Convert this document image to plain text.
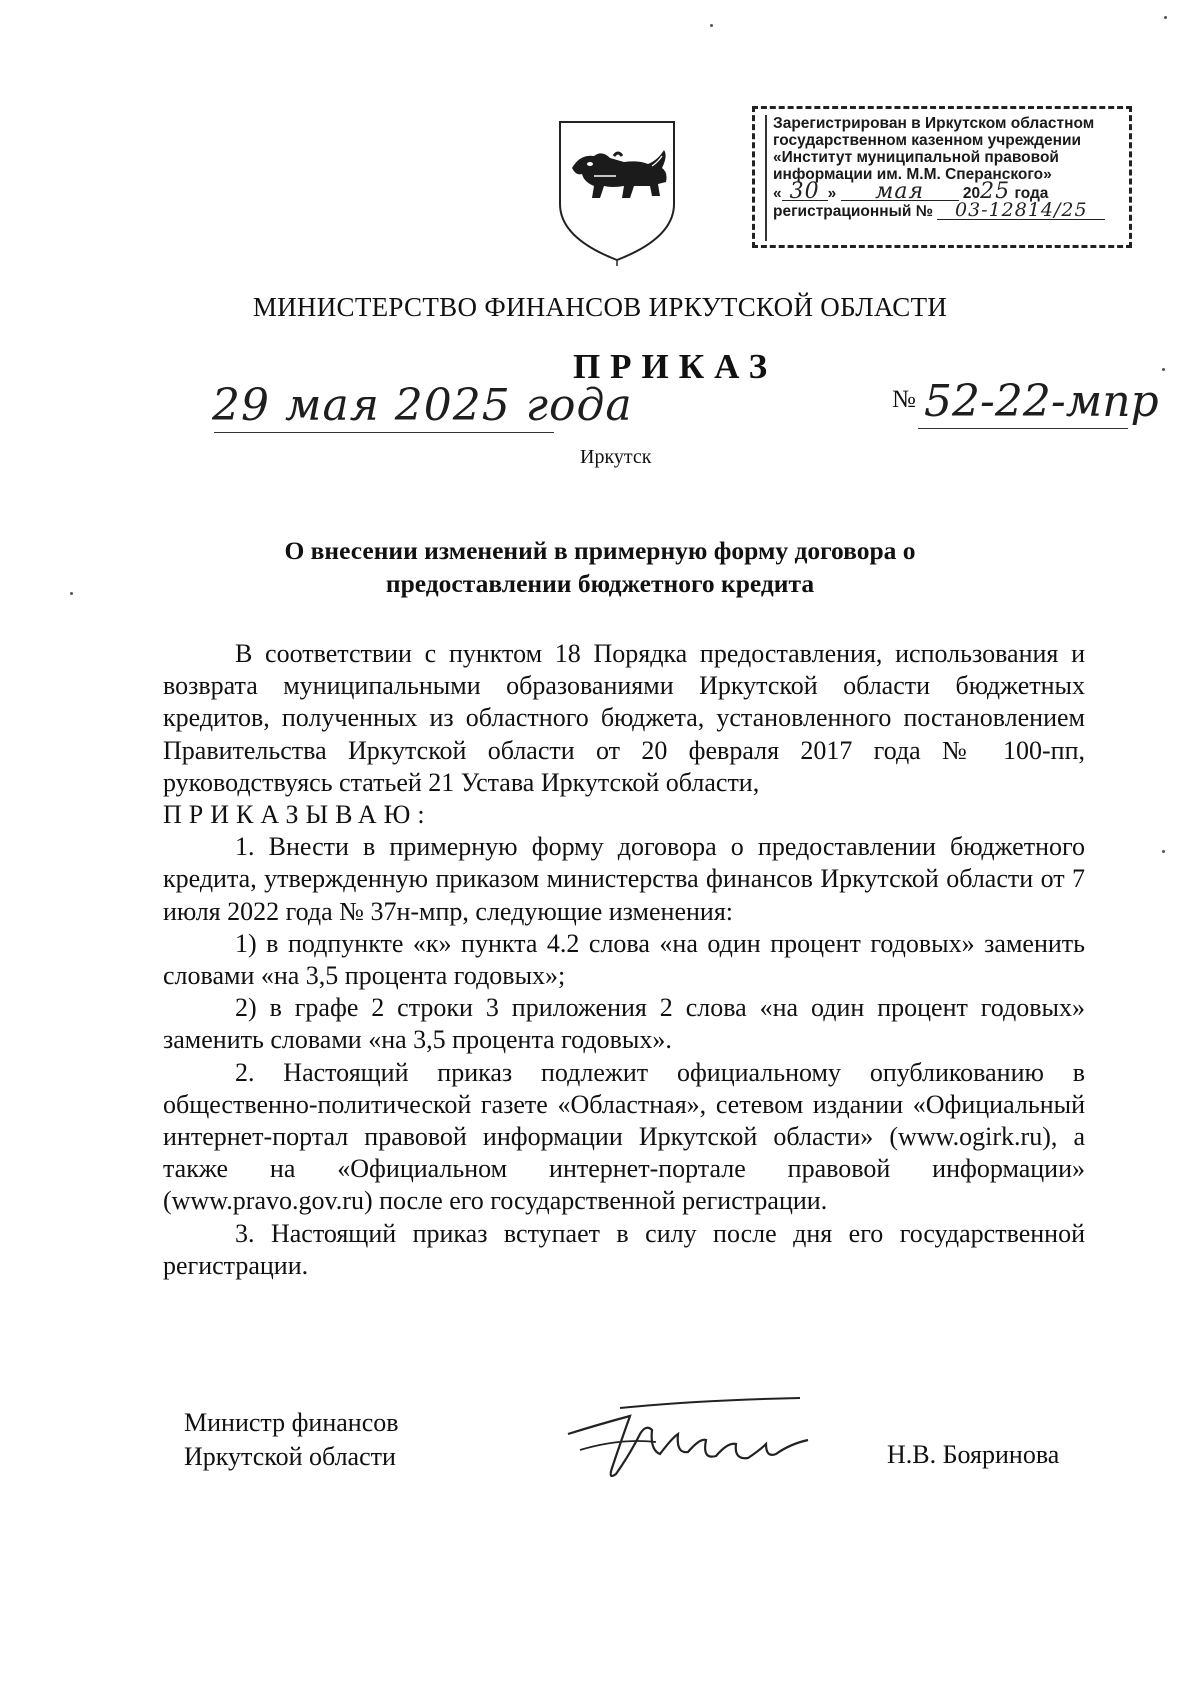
Зарегистрирован в Иркутском областном
государственном казенном учреждении
«Институт муниципальной правовой
информации им. М.М. Сперанского»
« 30 » мая	2025 года
регистрационный № 03-12814/25
МИНИСТЕРСТВО ФИНАНСОВ ИРКУТСКОЙ ОБЛАСТИ
ПРИКАЗ
29 мая 2025 года	№ 52-22-мпр
Иркутск
О внесении изменений в примерную форму договора о
предоставлении бюджетного кредита

В соответствии с пунктом 18 Порядка предоставления, использования и возврата муниципальными образованиями Иркутской области бюджетных кредитов, полученных из областного бюджета, установленного постановлением Правительства Иркутской области от 20 февраля 2017 года № 100-пп, руководствуясь статьей 21 Устава Иркутской области,

ПРИКАЗЫВАЮ:

1. Внести в примерную форму договора о предоставлении бюджетного кредита, утвержденную приказом министерства финансов Иркутской области от 7 июля 2022 года № 37н-мпр, следующие изменения:

1) в подпункте «к» пункта 4.2 слова «на один процент годовых» заменить словами «на 3,5 процента годовых»;

2) в графе 2 строки 3 приложения 2 слова «на один процент годовых» заменить словами «на 3,5 процента годовых».

2. Настоящий приказ подлежит официальному опубликованию в общественно-политической газете «Областная», сетевом издании «Официальный интернет-портал правовой информации Иркутской области» (www.ogirk.ru), а также на «Официальном интернет-портале правовой информации» (www.pravo.gov.ru) после его государственной регистрации.

3. Настоящий приказ вступает в силу после дня его государственной регистрации.

Министр финансов
Иркутской области	Н.В. Бояринова
